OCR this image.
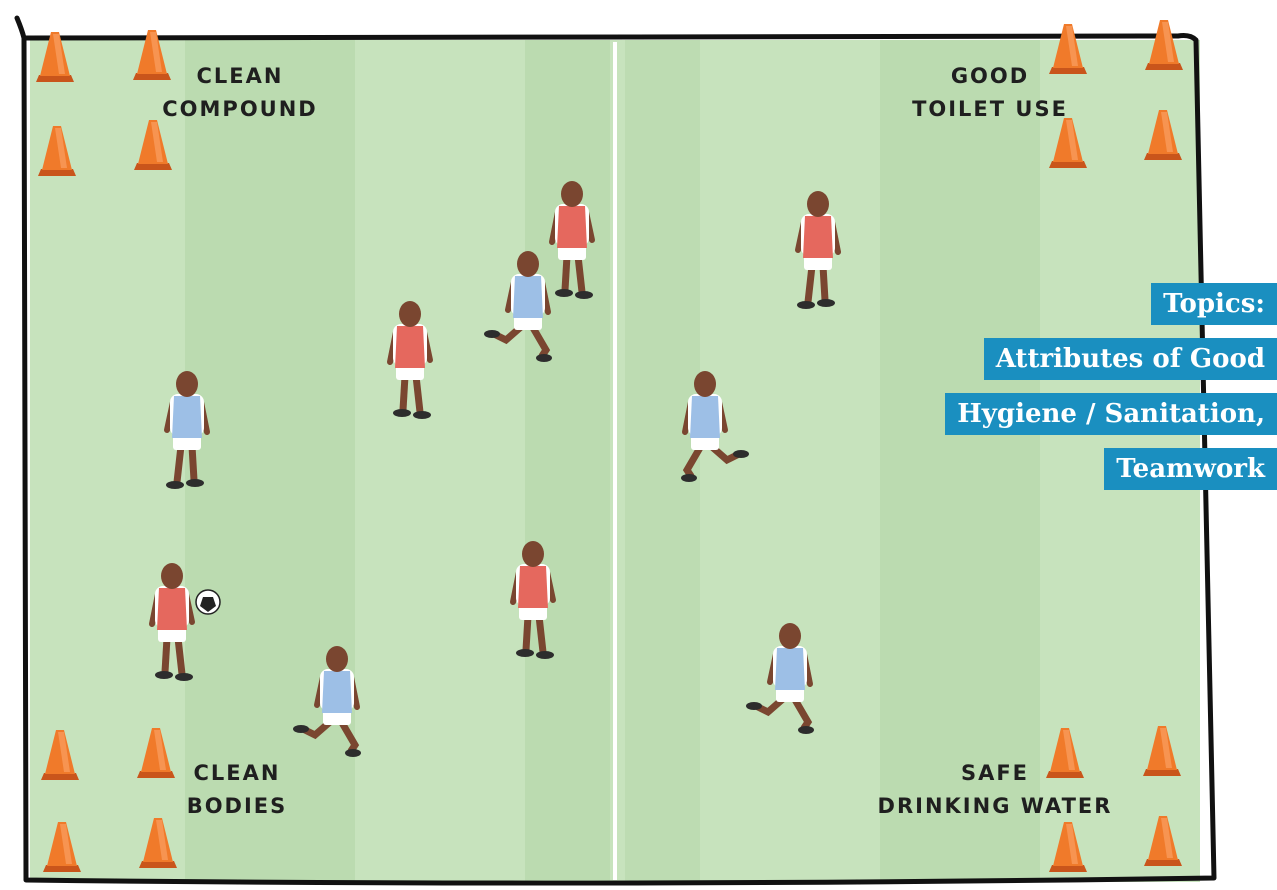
CLEAN
COMPOUND
GOOD
TOILET USE
CLEAN
BODIES
SAFE
DRINKING WATER
Topics:
Attributes of Good
Hygiene / Sanitation,
Teamwork
